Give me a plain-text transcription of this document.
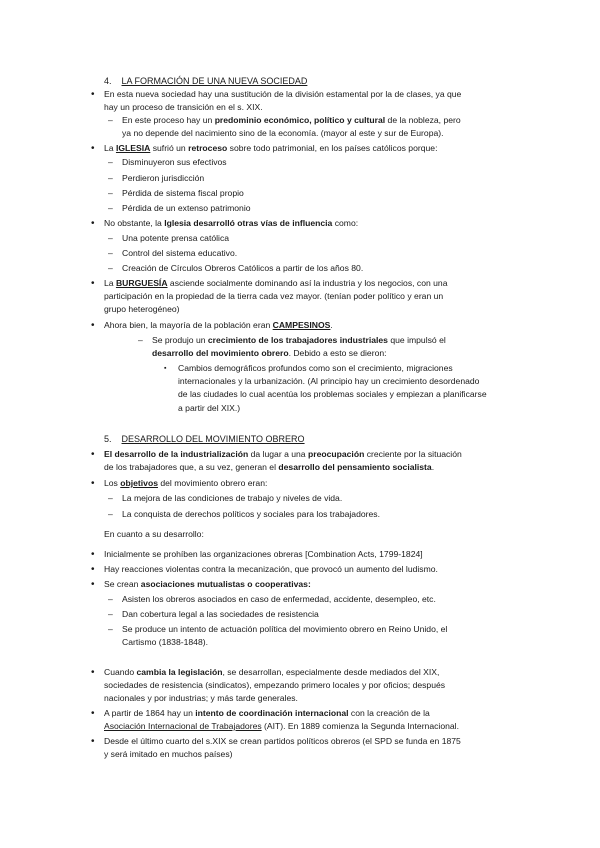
4. LA FORMACIÓN DE UNA NUEVA SOCIEDAD
• En esta nueva sociedad hay una sustitución de la división estamental por la de clases, ya que
hay un proceso de transición en el s. XIX.
– En este proceso hay un predominio económico, político y cultural de la nobleza, pero
ya no depende del nacimiento sino de la economía. (mayor al este y sur de Europa).
• La IGLESIA sufrió un retroceso sobre todo patrimonial, en los países católicos porque:
– Disminuyeron sus efectivos
– Perdieron jurisdicción
– Pérdida de sistema fiscal propio
– Pérdida de un extenso patrimonio
• No obstante, la Iglesia desarrolló otras vías de influencia como:
– Una potente prensa católica
– Control del sistema educativo.
– Creación de Círculos Obreros Católicos a partir de los años 80.
• La BURGUESÍA asciende socialmente dominando así la industria y los negocios, con una
participación en la propiedad de la tierra cada vez mayor. (tenían poder político y eran un
grupo heterogéneo)
• Ahora bien, la mayoría de la población eran CAMPESINOS.
– Se produjo un crecimiento de los trabajadores industriales que impulsó el
desarrollo del movimiento obrero. Debido a esto se dieron:
▪ Cambios demográficos profundos como son el crecimiento, migraciones
internacionales y la urbanización. (Al principio hay un crecimiento desordenado
de las ciudades lo cual acentúa los problemas sociales y empiezan a planificarse
a partir del XIX.)
5. DESARROLLO DEL MOVIMIENTO OBRERO
• El desarrollo de la industrialización da lugar a una preocupación creciente por la situación
de los trabajadores que, a su vez, generan el desarrollo del pensamiento socialista.
• Los objetivos del movimiento obrero eran:
– La mejora de las condiciones de trabajo y niveles de vida.
– La conquista de derechos políticos y sociales para los trabajadores.
En cuanto a su desarrollo:
• Inicialmente se prohíben las organizaciones obreras [Combination Acts, 1799-1824]
• Hay reacciones violentas contra la mecanización, que provocó un aumento del ludismo.
• Se crean asociaciones mutualistas o cooperativas:
– Asisten los obreros asociados en caso de enfermedad, accidente, desempleo, etc.
– Dan cobertura legal a las sociedades de resistencia
– Se produce un intento de actuación política del movimiento obrero en Reino Unido, el
Cartismo (1838-1848).
• Cuando cambia la legislación, se desarrollan, especialmente desde mediados del XIX,
sociedades de resistencia (sindicatos), empezando primero locales y por oficios; después
nacionales y por industrias; y más tarde generales.
• A partir de 1864 hay un intento de coordinación internacional con la creación de la
Asociación Internacional de Trabajadores (AIT). En 1889 comienza la Segunda Internacional.
• Desde el último cuarto del s.XIX se crean partidos políticos obreros (el SPD se funda en 1875
y será imitado en muchos países)
